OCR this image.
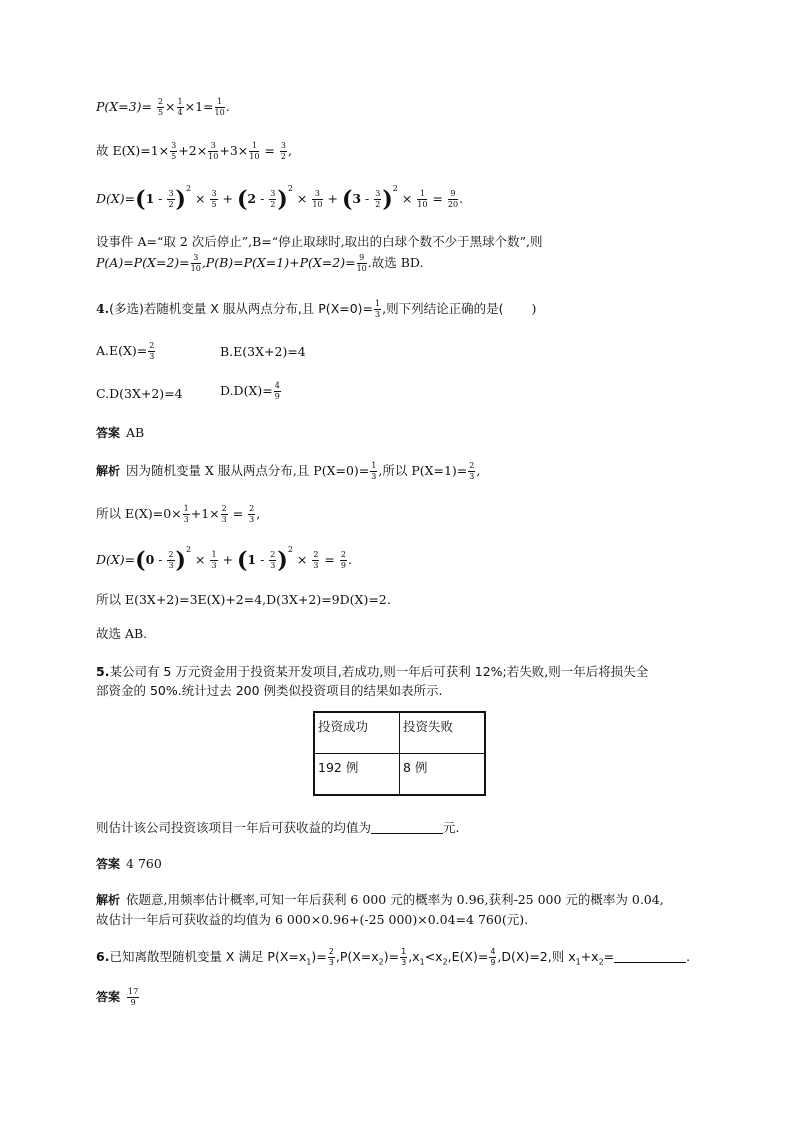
$P(X=3)= \frac{2}{5} \times \frac{1}{4} \times 1= \frac{1}{10}$ .
故 $E(X)=1\times \frac{3}{5} +2\times \frac{3}{10} +3\times \frac{1}{10} = \frac{3}{2}$ ,
$D(X)=(1 - \frac{3}{2} )^2 \times \frac{3}{5} + (2 - \frac{3}{2} )^2 \times \frac{3}{10} + (3 - \frac{3}{2} )^2 \times \frac{1}{10} = \frac{9}{20}$ .
设事件 A=“取 2 次后停止”,B=“停止取球时,取出的白球个数不少于黑球个数”,则
$P(A)=P(X=2)= \frac{3}{10} ,P(B)=P(X=1)+P(X=2)= \frac{9}{10}$ .故选 BD.
4.(多选)若随机变量 X 服从两点分布,且 $P(X=0)= \frac{1}{3}$ ,则下列结论正确的是( )
$A.E(X)= \frac{2}{3}$	B.E(3X+2)=4
C.D(3X+2)=4	$D.D(X)= \frac{4}{9}$
答案 AB
解析 因为随机变量 X 服从两点分布,且 $P(X=0)= \frac{1}{3}$ ,所以 $P(X=1)= \frac{2}{3}$ ,
所以 $E(X)=0\times \frac{1}{3} +1\times \frac{2}{3} = \frac{2}{3}$ ,
$D(X)=(0 - \frac{2}{3} )^2 \times \frac{1}{3} + (1 - \frac{2}{3} )^2 \times \frac{2}{3} = \frac{2}{9}$ .
所以 E(3X+2)=3E(X)+2=4,D(3X+2)=9D(X)=2.
故选 AB.
5.某公司有 5 万元资金用于投资某开发项目,若成功,则一年后可获利 12%;若失败,则一年后将损失全
部资金的 50%.统计过去 200 例类似投资项目的结果如表所示.
投资成功	投资失败
192 例	8 例
则估计该公司投资该项目一年后可获收益的均值为	元.
答案 4 760
解析 依题意,用频率估计概率,可知一年后获利 6 000 元的概率为 0.96,获利-25 000 元的概率为 0.04,
故估计一年后可获收益的均值为 6 000×0.96+(-25 000)×0.04=4 760(元).
6.已知离散型随机变量 X 满足 $P(X=x_1)= \frac{2}{3} ,P(X=x_2)= \frac{1}{3} ,x_1<x_2,E(X)= \frac{4}{9} ,D(X)=2$,则 $x_1+x_2=$	.
答案 $\frac{17}{9}$
